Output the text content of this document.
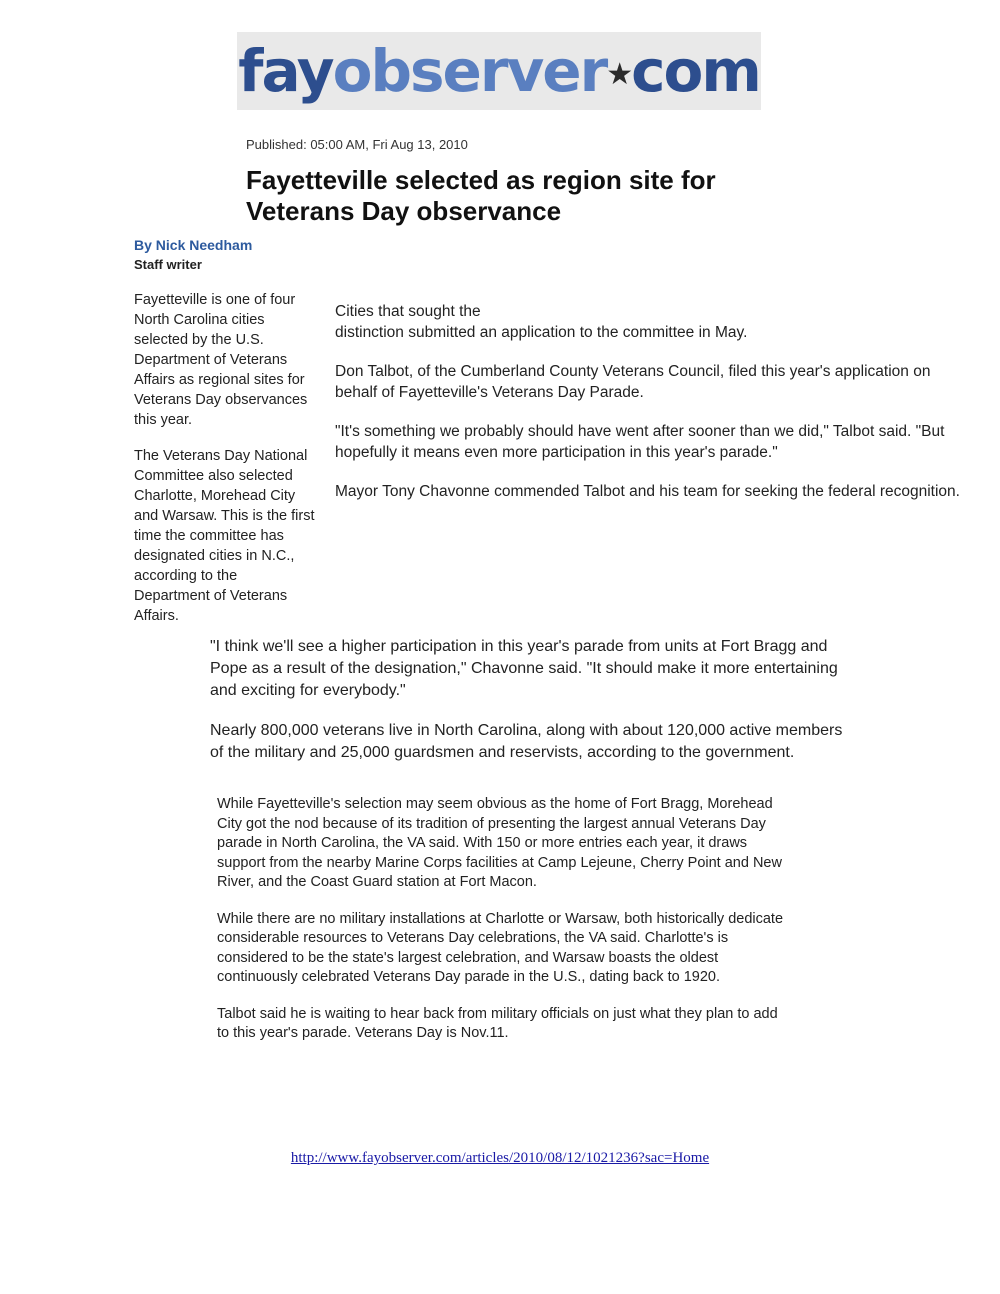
fayobserver★com
Published: 05:00 AM, Fri Aug 13, 2010
Fayetteville selected as region site for
Veterans Day observance
By Nick Needham
Staff writer

Fayetteville is one of four North Carolina cities selected by the U.S. Department of Veterans Affairs as regional sites for Veterans Day observances this year.

The Veterans Day National Committee also selected Charlotte, Morehead City and Warsaw. This is the first time the committee has designated cities in N.C., according to the Department of Veterans Affairs.

Cities that sought the
distinction submitted an application to the committee in May.

Don Talbot, of the Cumberland County Veterans Council, filed this year's application on behalf of Fayetteville's Veterans Day Parade.

"It's something we probably should have went after sooner than we did," Talbot said. "But hopefully it means even more participation in this year's parade."

Mayor Tony Chavonne commended Talbot and his team for seeking the federal recognition.

"I think we'll see a higher participation in this year's parade from units at Fort Bragg and Pope as a result of the designation," Chavonne said. "It should make it more entertaining and exciting for everybody."

Nearly 800,000 veterans live in North Carolina, along with about 120,000 active members of the military and 25,000 guardsmen and reservists, according to the government.

While Fayetteville's selection may seem obvious as the home of Fort Bragg, Morehead City got the nod because of its tradition of presenting the largest annual Veterans Day parade in North Carolina, the VA said. With 150 or more entries each year, it draws support from the nearby Marine Corps facilities at Camp Lejeune, Cherry Point and New River, and the Coast Guard station at Fort Macon.

While there are no military installations at Charlotte or Warsaw, both historically dedicate considerable resources to Veterans Day celebrations, the VA said. Charlotte's is considered to be the state's largest celebration, and Warsaw boasts the oldest continuously celebrated Veterans Day parade in the U.S., dating back to 1920.

Talbot said he is waiting to hear back from military officials on just what they plan to add to this year's parade. Veterans Day is Nov.11.

http://www.fayobserver.com/articles/2010/08/12/1021236?sac=Home
